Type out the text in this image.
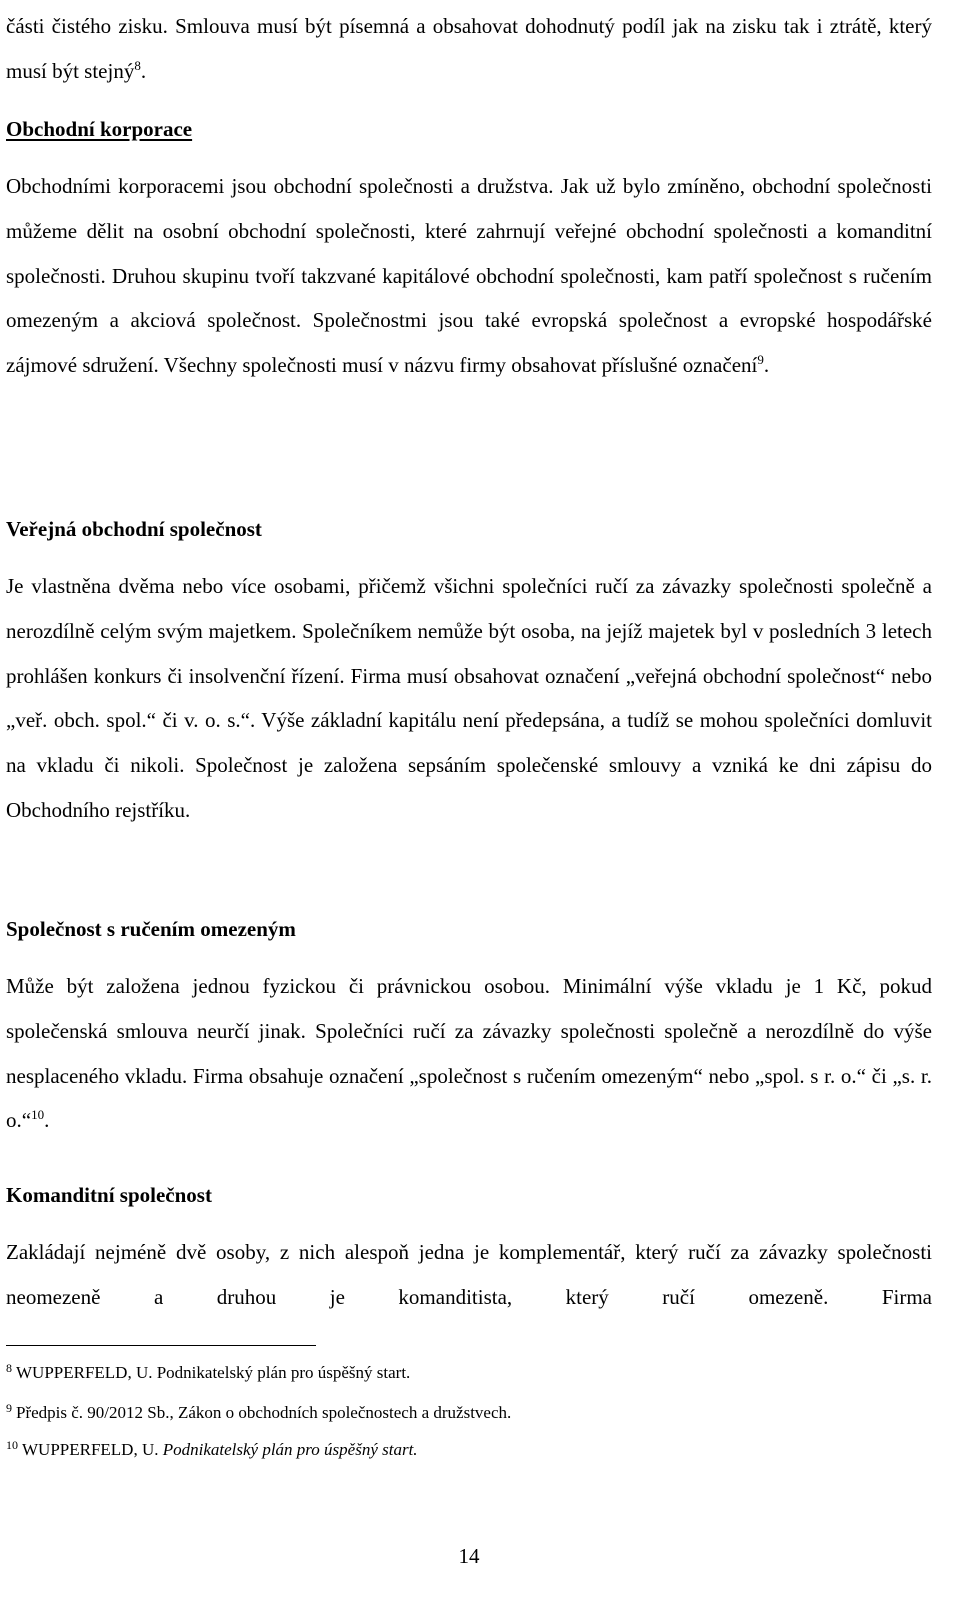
části čistého zisku. Smlouva musí být písemná a obsahovat dohodnutý podíl jak na zisku tak i ztrátě, který musí být stejný$^8$.

Obchodní korporace

Obchodními korporacemi jsou obchodní společnosti a družstva. Jak už bylo zmíněno, obchodní společnosti můžeme dělit na osobní obchodní společnosti, které zahrnují veřejné obchodní společnosti a komanditní společnosti. Druhou skupinu tvoří takzvané kapitálové obchodní společnosti, kam patří společnost s ručením omezeným a akciová společnost. Společnostmi jsou také evropská společnost a evropské hospodářské zájmové sdružení. Všechny společnosti musí v názvu firmy obsahovat příslušné označení$^9$.

Veřejná obchodní společnost

Je vlastněna dvěma nebo více osobami, přičemž všichni společníci ručí za závazky společnosti společně a nerozdílně celým svým majetkem. Společníkem nemůže být osoba, na jejíž majetek byl v posledních 3 letech prohlášen konkurs či insolvenční řízení. Firma musí obsahovat označení „veřejná obchodní společnost“ nebo „veř. obch. spol.“ či v. o. s.“. Výše základní kapitálu není předepsána, a tudíž se mohou společníci domluvit na vkladu či nikoli. Společnost je založena sepsáním společenské smlouvy a vzniká ke dni zápisu do Obchodního rejstříku.

Společnost s ručením omezeným

Může být založena jednou fyzickou či právnickou osobou. Minimální výše vkladu je 1 Kč, pokud společenská smlouva neurčí jinak. Společníci ručí za závazky společnosti společně a nerozdílně do výše nesplaceného vkladu. Firma obsahuje označení „společnost s ručením omezeným“ nebo „spol. s r. o.“ či „s. r. o.“$^{10}$.

Komanditní společnost

Zakládají nejméně dvě osoby, z nich alespoň jedna je komplementář, který ručí za závazky společnosti neomezeně a druhou je komanditista, který ručí omezeně. Firma

$^8$ WUPPERFELD, U. Podnikatelský plán pro úspěšný start.

$^9$ Předpis č. 90/2012 Sb., Zákon o obchodních společnostech a družstvech.

$^{10}$ WUPPERFELD, U. Podnikatelský plán pro úspěšný start.

14
